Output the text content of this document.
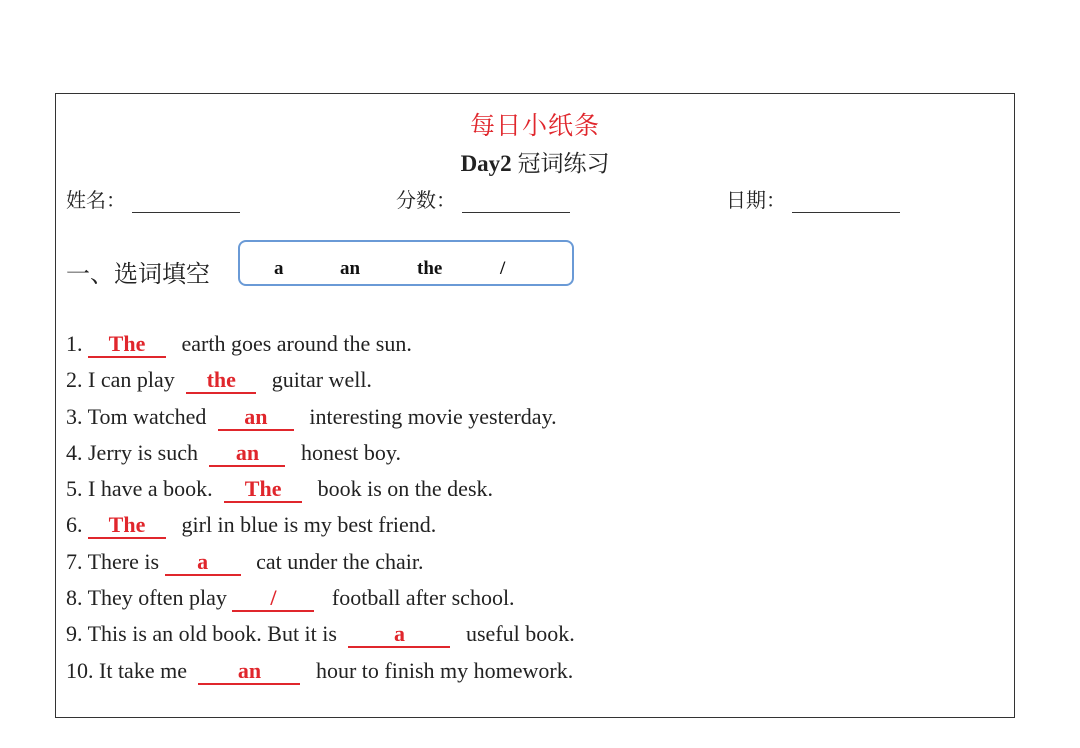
每日小纸条
Day2 冠词练习
姓名：	分数：	日期：
一、选词填空	a	an	the	/
1. The earth goes around the sun.
2. I can play the guitar well.
3. Tom watched an interesting movie yesterday.
4. Jerry is such an honest boy.
5. I have a book. The book is on the desk.
6. The girl in blue is my best friend.
7. There is a cat under the chair.
8. They often play /	football after school.
9. This is an old book. But it is a	useful book.
10. It take me an hour to finish my homework.
